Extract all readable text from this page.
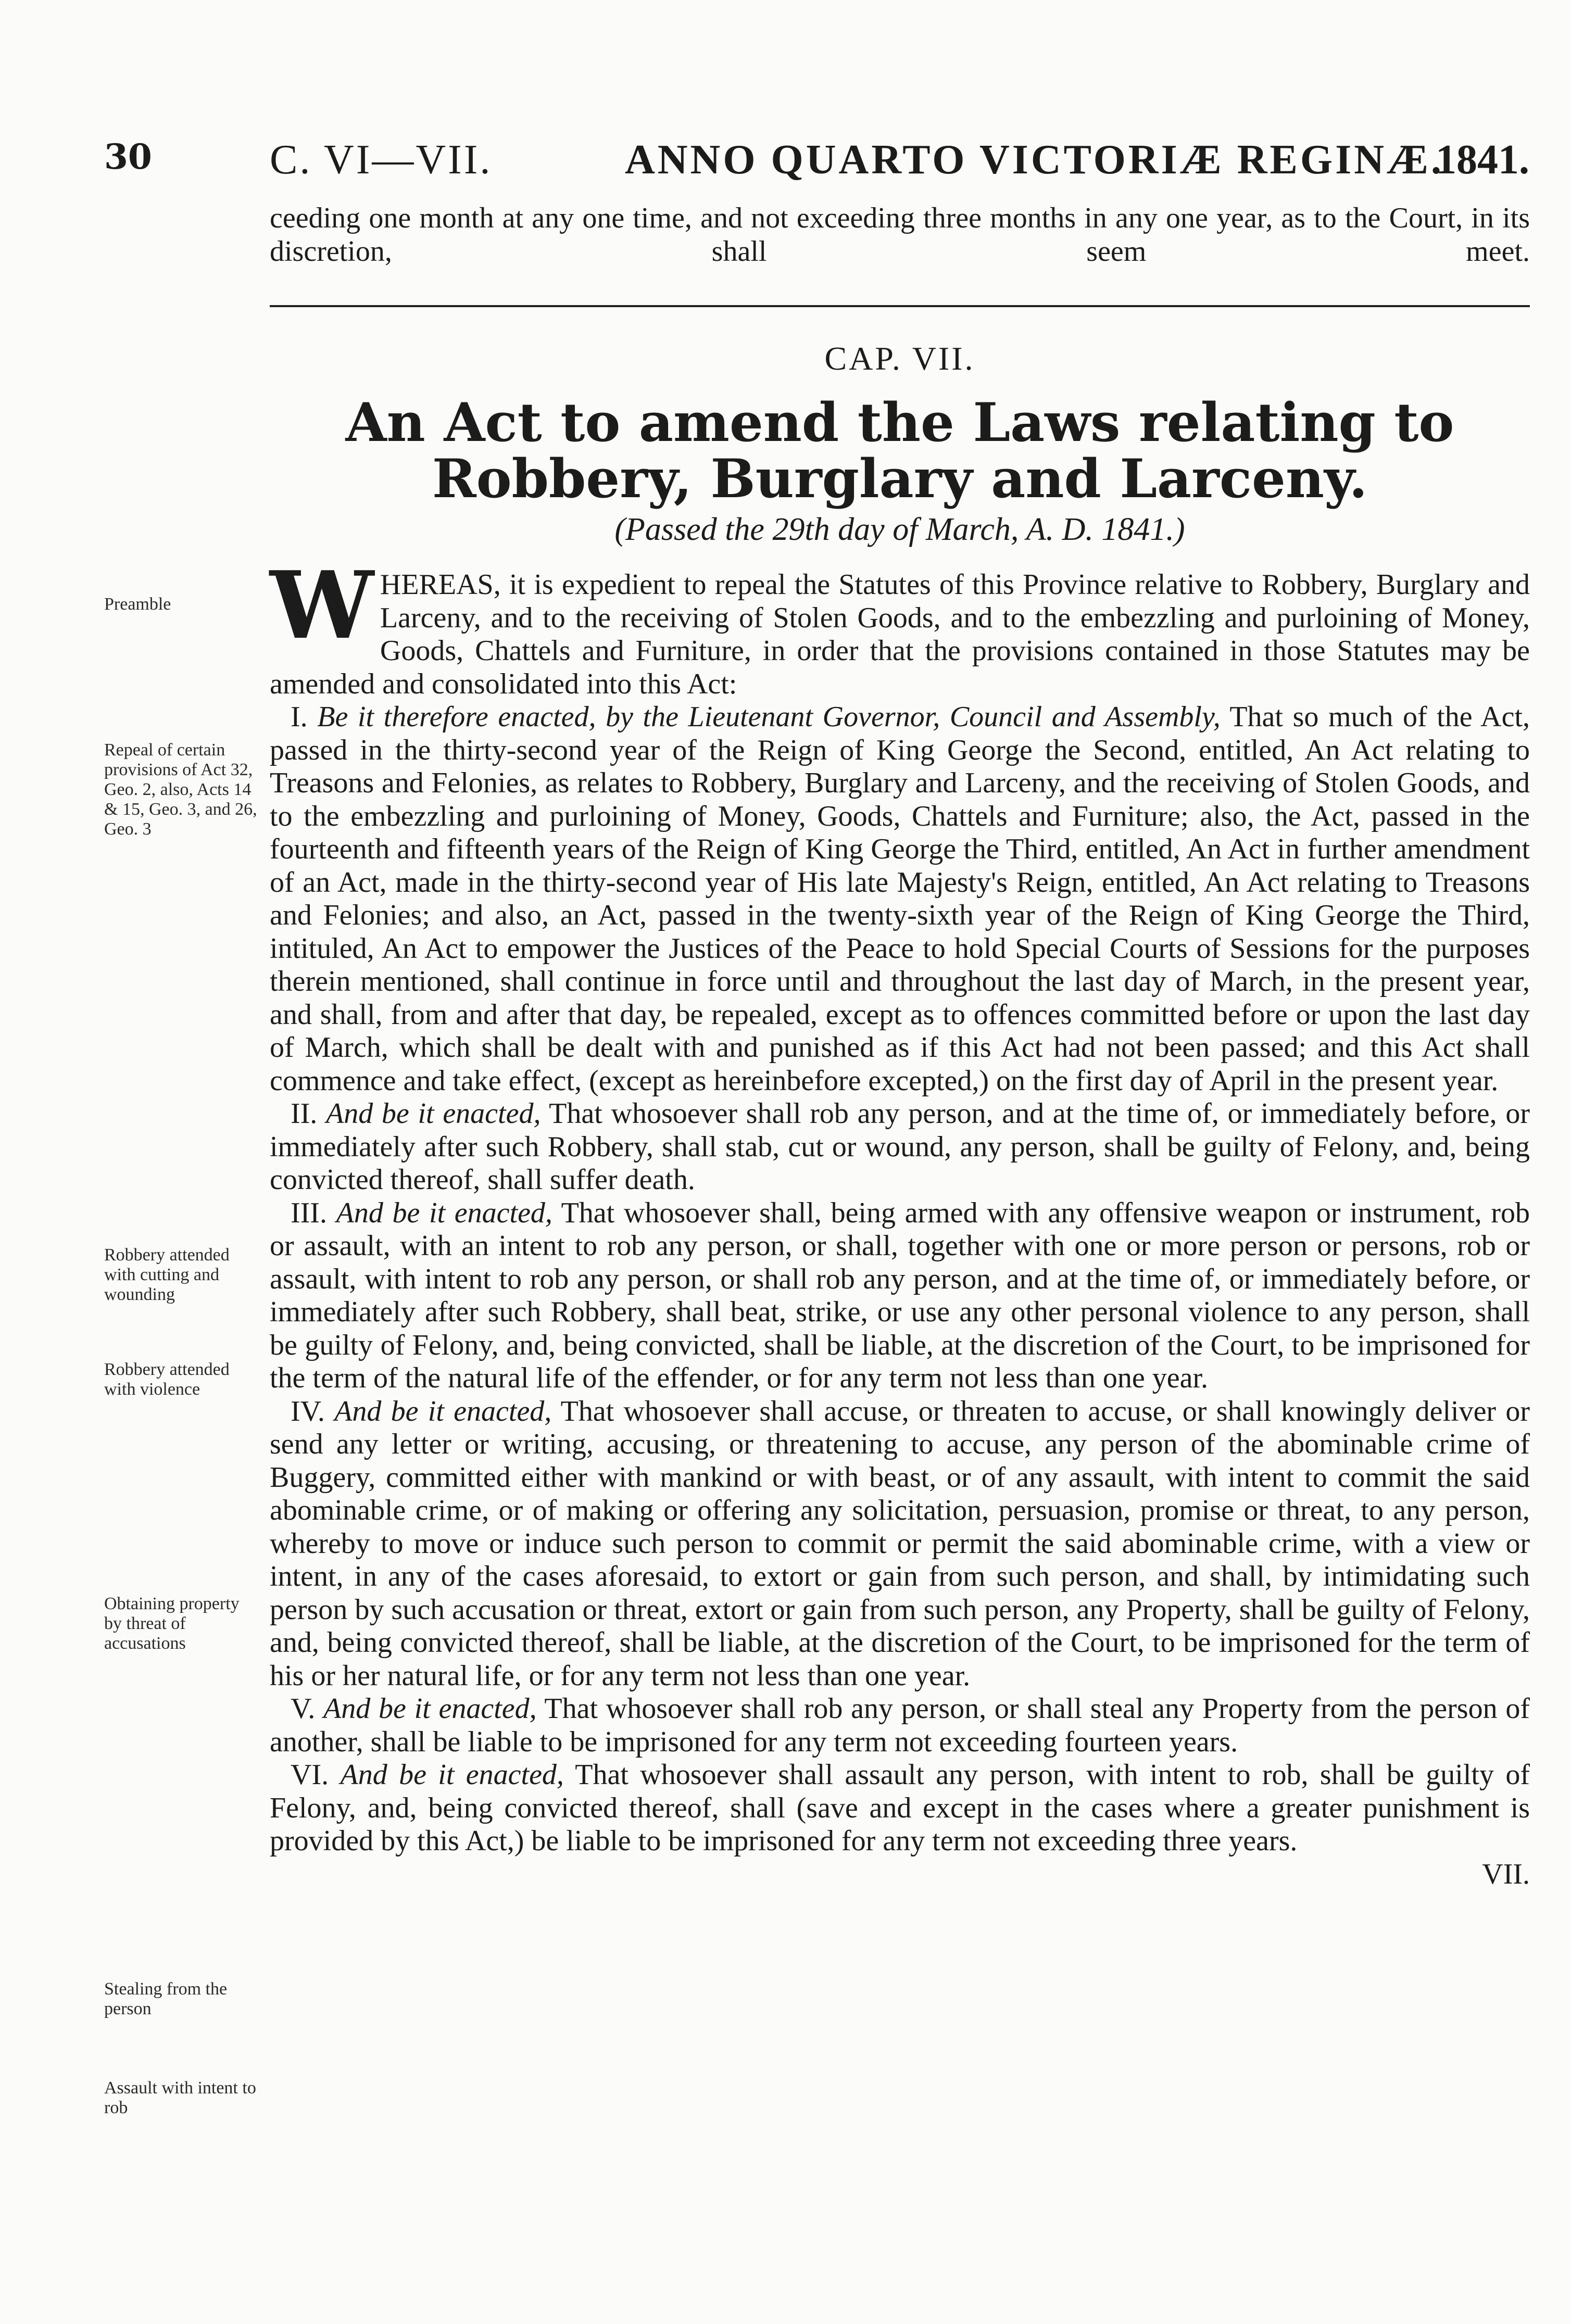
30	C. VI—VII.	ANNO QUARTO VICTORIÆ REGINÆ.
1841.

ceeding one month at any one time, and not exceeding three months in any one year, as to the Court, in its discretion, shall seem meet.

CAP. VII.
An Act to amend the Laws relating to Robbery, Burglary and Larceny.
(Passed the 29th day of March, A. D. 1841.)

W HEREAS, it is expedient to repeal the Statutes of this Province relative to Robbery, Burglary and Larceny, and to the receiving of Stolen Goods, and to the embezzling and purloining of Money, Goods, Chattels and Furniture, in order that the provisions contained in those Statutes may be amended and consolidated into this Act:

I. Be it therefore enacted, by the Lieutenant Governor, Council and Assembly, That so much of the Act, passed in the thirty-second year of the Reign of King George the Second, entitled, An Act relating to Treasons and Felonies, as relates to Robbery, Burglary and Larceny, and the receiving of Stolen Goods, and to the embezzling and purloining of Money, Goods, Chattels and Furniture; also, the Act, passed in the fourteenth and fifteenth years of the Reign of King George the Third, entitled, An Act in further amendment of an Act, made in the thirty-second year of His late Majesty's Reign, entitled, An Act relating to Treasons and Felonies; and also, an Act, passed in the twenty-sixth year of the Reign of King George the Third, intituled, An Act to empower the Justices of the Peace to hold Special Courts of Sessions for the purposes therein mentioned, shall continue in force until and throughout the last day of March, in the present year, and shall, from and after that day, be repealed, except as to offences committed before or upon the last day of March, which shall be dealt with and punished as if this Act had not been passed; and this Act shall commence and take effect, (except as hereinbefore excepted,) on the first day of April in the present year.

II. And be it enacted, That whosoever shall rob any person, and at the time of, or immediately before, or immediately after such Robbery, shall stab, cut or wound, any person, shall be guilty of Felony, and, being convicted thereof, shall suffer death.

III. And be it enacted, That whosoever shall, being armed with any offensive weapon or instrument, rob or assault, with an intent to rob any person, or shall, together with one or more person or persons, rob or assault, with intent to rob any person, or shall rob any person, and at the time of, or immediately before, or immediately after such Robbery, shall beat, strike, or use any other personal violence to any person, shall be guilty of Felony, and, being convicted, shall be liable, at the discretion of the Court, to be imprisoned for the term of the natural life of the effender, or for any term not less than one year.

IV. And be it enacted, That whosoever shall accuse, or threaten to accuse, or shall knowingly deliver or send any letter or writing, accusing, or threatening to accuse, any person of the abominable crime of Buggery, committed either with mankind or with beast, or of any assault, with intent to commit the said abominable crime, or of making or offering any solicitation, persuasion, promise or threat, to any person, whereby to move or induce such person to commit or permit the said abominable crime, with a view or intent, in any of the cases aforesaid, to extort or gain from such person, and shall, by intimidating such person by such accusation or threat, extort or gain from such person, any Property, shall be guilty of Felony, and, being convicted thereof, shall be liable, at the discretion of the Court, to be imprisoned for the term of his or her natural life, or for any term not less than one year.

V. And be it enacted, That whosoever shall rob any person, or shall steal any Property from the person of another, shall be liable to be imprisoned for any term not exceeding fourteen years.

VI. And be it enacted, That whosoever shall assault any person, with intent to rob, shall be guilty of Felony, and, being convicted thereof, shall (save and except in the cases where a greater punishment is provided by this Act,) be liable to be imprisoned for any term not exceeding three years.

VII.

Preamble
Repeal of certain provisions of Act 32, Geo. 2, also, Acts 14 & 15, Geo. 3, and 26, Geo. 3
Robbery attended with cutting and wounding
Robbery attended with violence
Obtaining property by threat of accusations
Stealing from the person
Assault with intent to rob
